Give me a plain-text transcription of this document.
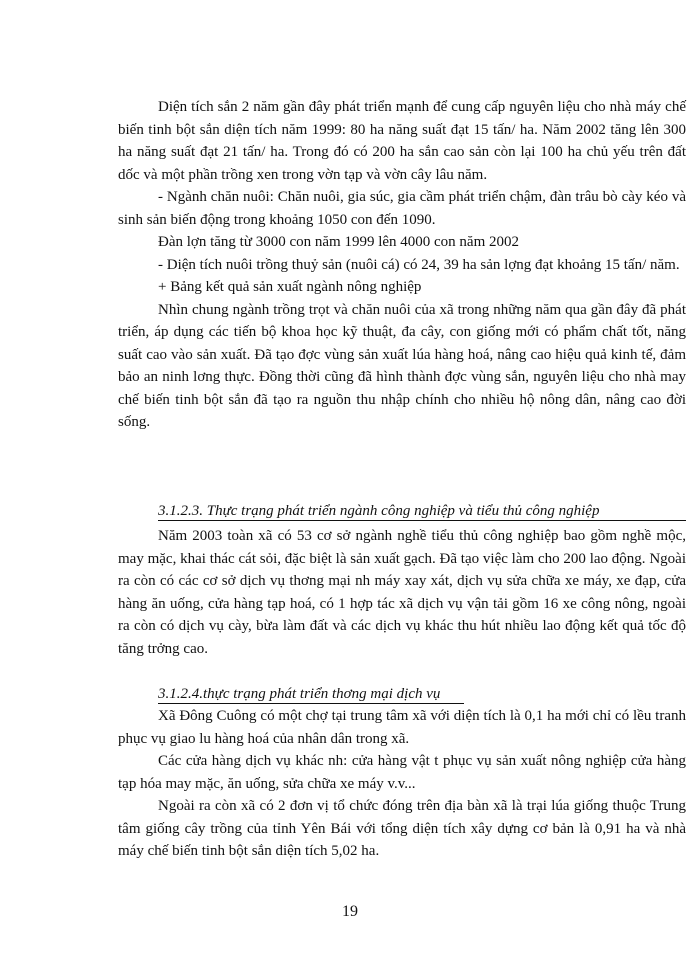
Diện tích sắn 2 năm gần đây phát triển mạnh để cung cấp nguyên liệu cho nhà máy chế biến tinh bột sắn diện tích năm 1999: 80 ha năng suất đạt 15 tấn/ ha. Năm 2002 tăng lên 300 ha năng suất đạt 21 tấn/ ha. Trong đó có 200 ha sắn cao sản còn lại 100 ha chủ yếu trên đất dốc và một phần trồng xen trong vờn tạp và vờn cây lâu năm.

- Ngành chăn nuôi: Chăn nuôi, gia súc, gia cầm phát triển chậm, đàn trâu bò cày kéo và sinh sản biến động trong khoảng 1050 con đến 1090.

Đàn lợn tăng từ 3000 con năm 1999 lên 4000 con năm 2002

- Diện tích nuôi trồng thuỷ sản (nuôi cá) có 24, 39 ha sản lợng đạt khoảng 15 tấn/ năm.

+ Bảng kết quả sản xuất ngành nông nghiệp

Nhìn chung ngành trồng trọt và chăn nuôi của xã trong những năm qua gần đây đã phát triển, áp dụng các tiến bộ khoa học kỹ thuật, đa cây, con giống mới có phẩm chất tốt, năng suất cao vào sản xuất. Đã tạo đợc vùng sản xuất lúa hàng hoá, nâng cao hiệu quả kinh tế, đảm bảo an ninh lơng thực. Đồng thời cũng đã hình thành đợc vùng sắn, nguyên liệu cho nhà may chế biến tinh bột sắn đã tạo ra nguồn thu nhập chính cho nhiều hộ nông dân, nâng cao đời sống.

3.1.2.3. Thực trạng phát triển ngành công nghiệp và tiểu thủ công nghiệp

Năm 2003 toàn xã có 53 cơ sở ngành nghề tiểu thủ công nghiệp bao gồm nghề mộc, may mặc, khai thác cát sỏi, đặc biệt là sản xuất gạch. Đã tạo việc làm cho 200 lao động. Ngoài ra còn có các cơ sở dịch vụ thơng mại nh máy xay xát, dịch vụ sửa chữa xe máy, xe đạp, cửa hàng ăn uống, cửa hàng tạp hoá, có 1 hợp tác xã dịch vụ vận tải gồm 16 xe công nông, ngoài ra còn có dịch vụ cày, bừa làm đất và các dịch vụ khác thu hút nhiều lao động kết quả tốc độ tăng trởng cao.

3.1.2.4.thực trạng phát triển thơng mại dịch vụ

Xã Đông Cuông có một chợ tại trung tâm xã với diện tích là 0,1 ha mới chỉ có lều tranh phục vụ giao lu hàng hoá của nhân dân trong xã.

Các cửa hàng dịch vụ khác nh: cửa hàng vật t phục vụ sản xuất nông nghiệp cửa hàng tạp hóa may mặc, ăn uống, sửa chữa xe máy v.v...

Ngoài ra còn xã có 2 đơn vị tổ chức đóng trên địa bàn xã là trại lúa giống thuộc Trung tâm giống cây trồng của tỉnh Yên Bái với tổng diện tích xây dựng cơ bản là 0,91 ha và nhà máy chế biến tinh bột sắn diện tích 5,02 ha.

19
